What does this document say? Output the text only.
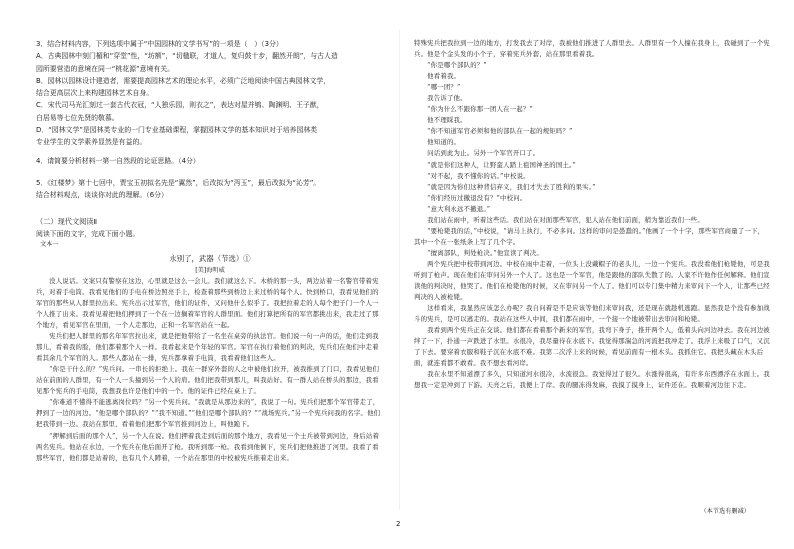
3．结合材料内容，下列选项中属于“中国园林的文学书写”的一项是（　）（3分）

A．古典园林中刻门楣和“穿堂”性，“坊额”，“切楹联，才道人，复归鼓十步，翻然开朗”，与古人造

园所要营造的意境在同一“桃花源”意境有关。

B．园林以园林设计建造者，需要提高园林艺术的理论水平，必须广泛地阅读中国古典园林文学，

结合更高层次上来构建园林艺术自身。

C．宋代司马光汇刻过一套古代衣冠，“人独乐园，则衣之”，表达对屋并鸲、陶渊明、王子猷，

白居易等七位先贤的敬慕。

D．“园林文学”是园林类专业的一门专业基础课程，掌握园林文学的基本知识对于培养园林类

专业学生的文学素养显然是有益的。

4．请简要分析材料一第一自然段的论证思路。（4分）

5．《红楼梦》第十七回中，贾宝玉初拟名先是“翼然”，后改拟为“泻玉”，最后改拟为“沁芳”。

结合材料观点，谈谈你对此的理解。（6分）

（二）现代文阅读Ⅱ

阅读下面的文字，完成下面小题。

文本一

永别了，武器（节选）①

[美]海明威

　　没人说话。文案只有警察在这边，心里就是这么一会儿。我们就这么下。木桥的那一头，两边站着一名警官带着宪兵，对着手电筒。我看见他们的手电在桥边照亮手上，检查着那些到桥边上来过桥的每个人。快到桥口，我看见他们的军官的那些从人群里拉出来。宪兵出示过军官，他们的证件，又问他什么似乎了。我把拉着走的人每个把子门一个人一个人推了出来。我看见着把他们押到了一个在一边搁着军官的人群里面。他们打算把所有的军官都挑出来，我走过了那个地方，看见军官在里面，一个人走那边，正和一名军官站在一起。

　　宪兵们把人群里的那名年军官拉出来，就是把他带给了一名坐在桌旁的执法官。他们说一句一声的话，他们走到我那儿，看着我的脸，他们都着那个人一样。我看起来是个年轻的军官。军官在执行着他们的判决，宪兵们在他们中走着看其余几个军官的人。那些人都站在一排，宪兵都拿着手电筒，我看着他们这些人。

　　“你是干什么的？”宪兵问。一串长的拒绝上。我在一群穿外套的人之中被他们拉开，被我推到了门口，我看见他们站在前面的人群里，有一个人一头撞到另一个人的肩。他们把我带到那儿，叫我站好。有一群人站在桥头的那边，我看见那个宪兵的手电筒，我想我也许是他们中的一个。他的证件已经在桌上了。

　　“你难道不懂得不能逃离岗位吗？”另一个宪兵问。“我就是从那边来的”，我说了一句。宪兵们把那个军官带走了，押到了一边的河边。“他是哪个部队的？”“我不知道。”“他们是哪个部队的？”“战场宪兵。”另一个宪兵问我的名字。他们把我带到一边。我站在那里，看着他们把那个军官推到河边上，叫他跪下。

　　“押解到后面的那个人”，另一个人在说。他们押着我走到后面的那个地方，我看见一个士兵被带到河边，身后站着两名宪兵。他站在水边，一个宪兵在他后面开了枪。我听到那一枪。我看到他倒下，宪兵们把他推进了河里。我看了看那些军官，他们都是站着的，也有几个人蹲着，一个站在那里的中校被宪兵推着走出来。

特殊宪兵把我拉到一边的地方，打发我去了对岸，我被他们推进了人群里去。人群里有一个人撞在我身上，我碰到了一个宪兵。他是个金头发的小个子，穿着宪兵外套，站在那里看着我。

　　“你是哪个部队的？”

　　他看着我。

　　“哪一团？”

　　我告诉了他。

　　“你为什么不跟你那一团人在一起？”

　　他不理睬我。

　　“你不知道军官必须和他的部队在一起的规矩吗？”

　　他知道的。

　　问话到此为止。另外一个军官开口了。

　　“就是你们这种人，让野蛮人踏上祖国神圣的国土。”

　　“对不起，我不懂你的话。”中校说。

　　“就是因为你们这种背信弃义，我们才失去了胜利的果实。”

　　“你们经历过撤退没有？”中校问。

　　“意大利永远不撤退。”

　　我们站在雨中，听着这些话。我们站在对面那些军官，犯人站在他们前面，稍为靠近我们一些。

　　“要枪毙我的话，”中校说，“请马上执行，不必多问。这样的审问是愚蠢的。”他画了一个十字，那些军官商量了一下，其中一个在一张纸条上写了几个字。

　　“擅离部队，判处枪决。”他宣读了判决。

　　两个宪兵把中校带到河边。中校在雨中走着，一位头上没戴帽子的老头儿，一边一个宪兵。我没看他们枪毙他，可是我听到了枪声。现在他们在审问另外一个人了。这也是一个军官，他是跟他的部队失散了的。人家不许他作任何解释。他们宣读他的判决时，他哭了。他们在枪毙他的时候，又在审问另一个人了。他们可以专门集中精力来审问下一个人，让那些已经判决的人被枪毙。

　　这样看来，我显然应该怎么办呢？我自问着是不是应该等他们来审问我，还是现在就趁机逃跑。显然我是个没有参加战斗的宪兵，是可以逃走的。我站在这些人中间，我们都在雨中，一个接一个地被带出去审问和枪毙。

　　我看到两个宪兵正在交谈。他们都在看着那个新来的军官，我弯下身子，推开两个人，低着头向河边冲去。我在河边被绊了一下，扑通一声跌进了水里。水很冷，我尽量待在水底下。我觉得那湍急的河流把我冲走了。我浮上来吸了口气，又沉了下去。要穿着衣服和鞋子沉在水底不难。我第二次浮上来的时候，看见前面有一根木头。我抓住它。我把头藏在木头后面，就连看都不敢看。我不想去看河岸。

　　我在水里不知道漂了多久，只知道河水很冷，水流很急。我觉得过了很久。水涨得很高，有许多东西漂浮在水面上。我想我一定是冲到了下游。天亮之后，我便上了岸。我的腿冻得发麻，我摸了摸身上，证件还在。我顺着河边往下走。

（本节选有删减）

2
